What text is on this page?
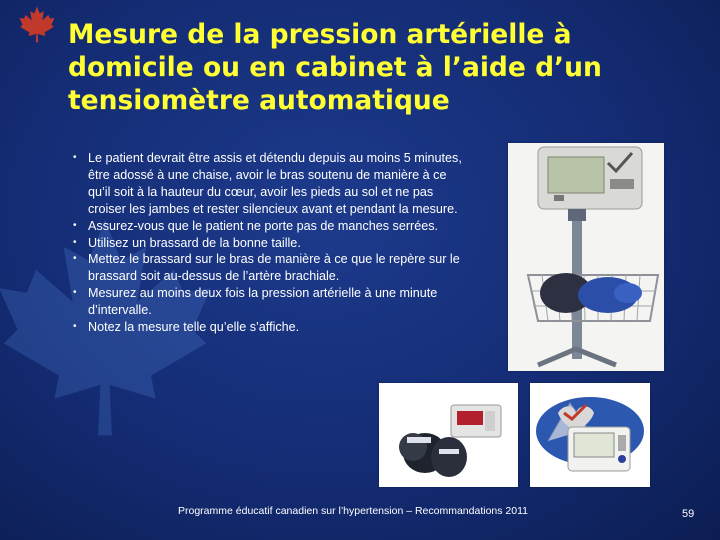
Mesure de la pression artérielle à
domicile ou en cabinet à l’aide d’un
tensiomètre automatique
• Le patient devrait être assis et détendu depuis au moins 5 minutes, être adossé à une chaise, avoir le bras soutenu de manière à ce qu’il soit à la hauteur du cœur, avoir les pieds au sol et ne pas croiser les jambes et rester silencieux avant et pendant la mesure.
• Assurez-vous que le patient ne porte pas de manches serrées.
• Utilisez un brassard de la bonne taille.
• Mettez le brassard sur le bras de manière à ce que le repère sur le brassard soit au-dessus de l’artère brachiale.
• Mesurez au moins deux fois la pression artérielle à une minute d’intervalle.
• Notez la mesure telle qu’elle s’affiche.
Programme éducatif canadien sur l’hypertension – Recommandations 2011	59
